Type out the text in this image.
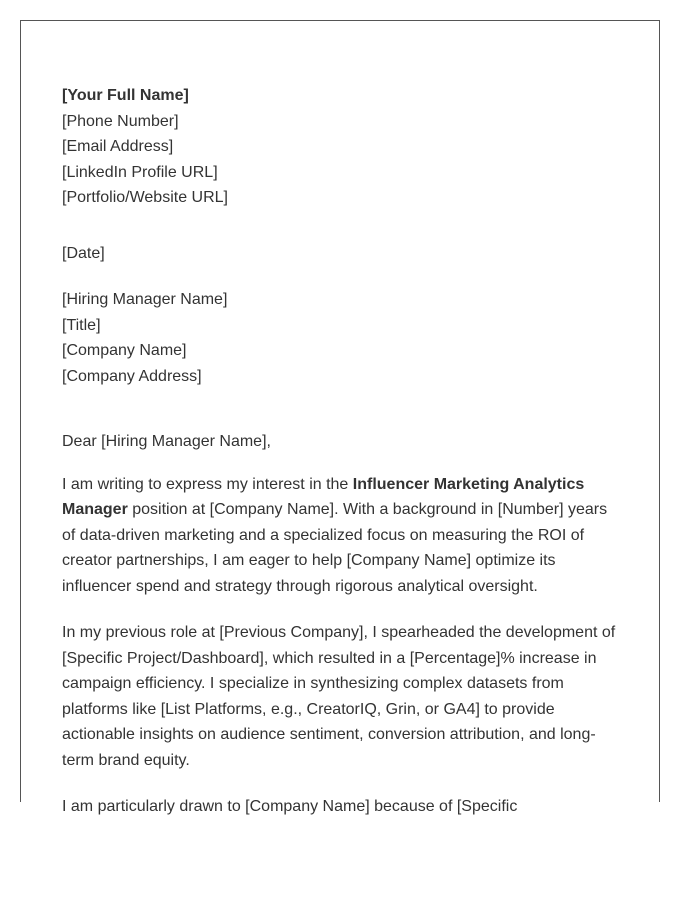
[Your Full Name]
[Phone Number]
[Email Address]
[LinkedIn Profile URL]
[Portfolio/Website URL]
[Date]
[Hiring Manager Name]
[Title]
[Company Name]
[Company Address]

Dear [Hiring Manager Name],

I am writing to express my interest in the Influencer Marketing Analytics Manager position at [Company Name]. With a background in [Number] years of data-driven marketing and a specialized focus on measuring the ROI of creator partnerships, I am eager to help [Company Name] optimize its influencer spend and strategy through rigorous analytical oversight.

In my previous role at [Previous Company], I spearheaded the development of [Specific Project/Dashboard], which resulted in a [Percentage]% increase in campaign efficiency. I specialize in synthesizing complex datasets from platforms like [List Platforms, e.g., CreatorIQ, Grin, or GA4] to provide actionable insights on audience sentiment, conversion attribution, and long-term brand equity.

I am particularly drawn to [Company Name] because of [Specific
